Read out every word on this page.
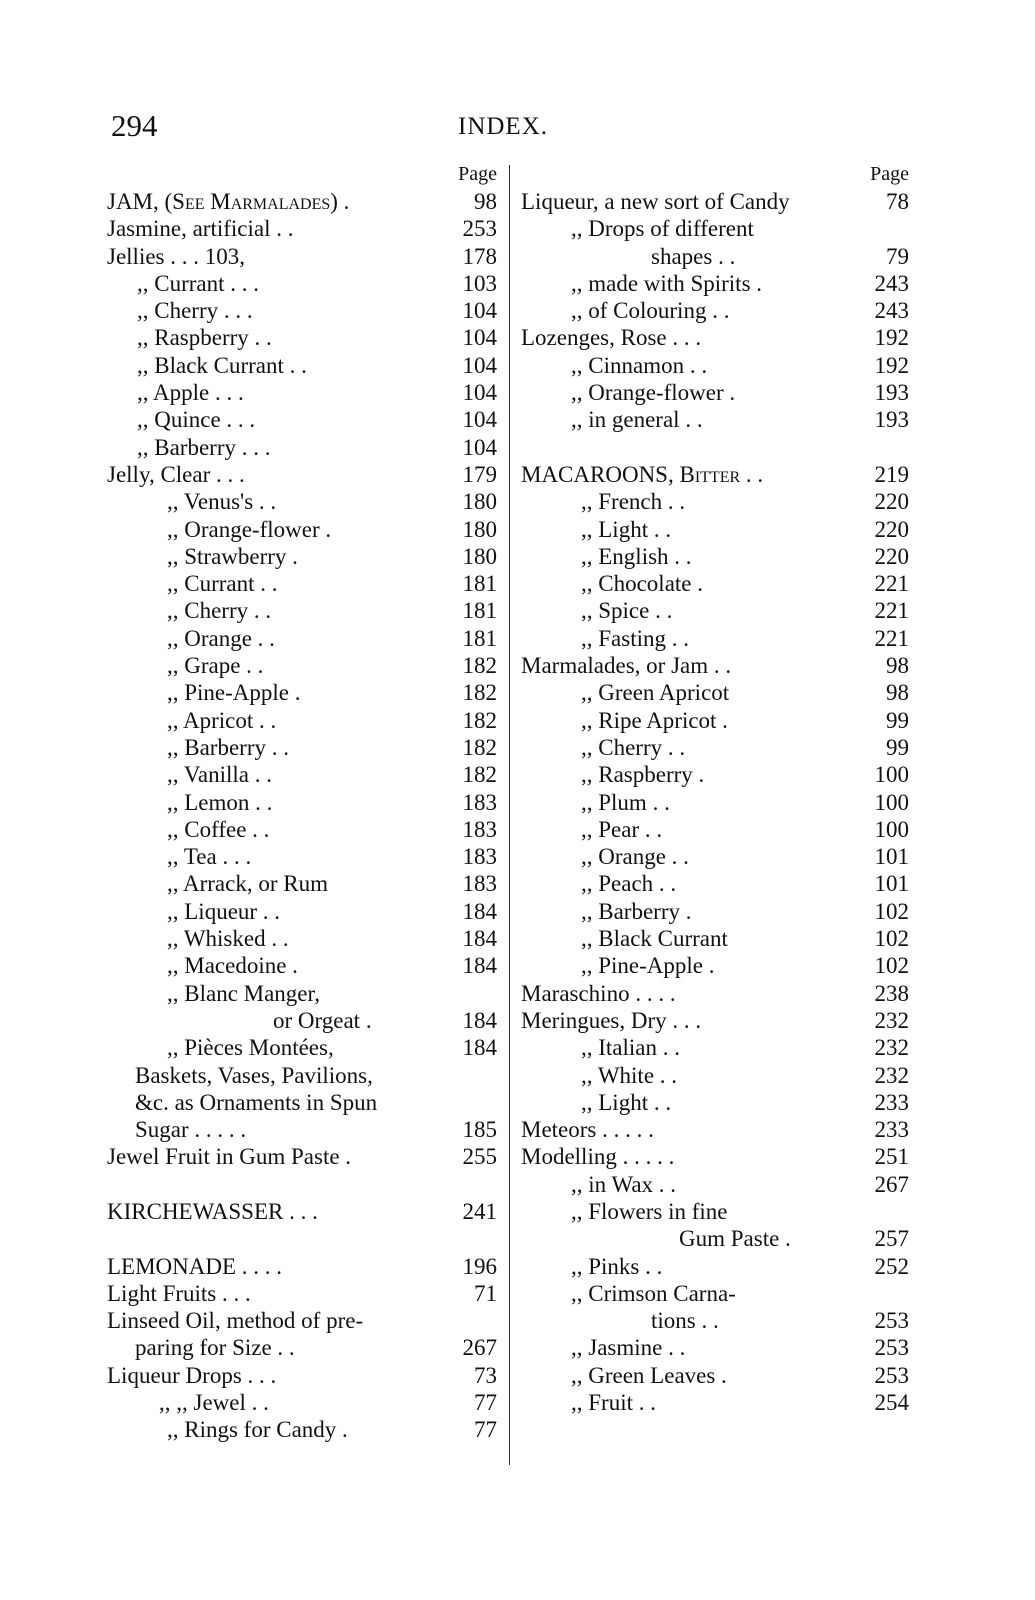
294	INDEX.
Page
JAM, (See Marmalades) .	98
Jasmine, artificial . .	253
Jellies . . . 103,	178
,, Currant . . .	103
,, Cherry . . .	104
,, Raspberry . .	104
,, Black Currant . .	104
,, Apple . . .	104
,, Quince . . .	104
,, Barberry . . .	104
Jelly, Clear . . .	179
,, Venus's . .	180
,, Orange-flower .	180
,, Strawberry .	180
,, Currant . .	181
,, Cherry . .	181
,, Orange . .	181
,, Grape . .	182
,, Pine-Apple .	182
,, Apricot . .	182
,, Barberry . .	182
,, Vanilla . .	182
,, Lemon . .	183
,, Coffee . .	183
,, Tea . . .	183
,, Arrack, or Rum	183
,, Liqueur . .	184
,, Whisked . .	184
,, Macedoine .	184
,, Blanc Manger,
or Orgeat .	184
,, Pièces Montées,	184
Baskets, Vases, Pavilions,
&c. as Ornaments in Spun
Sugar . . . . .	185
Jewel Fruit in Gum Paste .	255
KIRCHEWASSER . . .	241
LEMONADE . . . .	196
Light Fruits . . .	71
Linseed Oil, method of pre-
paring for Size . .	267
Liqueur Drops . . .	73
,, ,, Jewel . .	77
,, Rings for Candy .	77
Page
Liqueur, a new sort of Candy	78
,, Drops of different
shapes . .	79
,, made with Spirits .	243
,, of Colouring . .	243
Lozenges, Rose . . .	192
,, Cinnamon . .	192
,, Orange-flower .	193
,, in general . .	193
MACAROONS, Bitter . .	219
,, French . .	220
,, Light . .	220
,, English . .	220
,, Chocolate .	221
,, Spice . .	221
,, Fasting . .	221
Marmalades, or Jam . .	98
,, Green Apricot	98
,, Ripe Apricot .	99
,, Cherry . .	99
,, Raspberry .	100
,, Plum . .	100
,, Pear . .	100
,, Orange . .	101
,, Peach . .	101
,, Barberry .	102
,, Black Currant	102
,, Pine-Apple .	102
Maraschino . . . .	238
Meringues, Dry . . .	232
,, Italian . .	232
,, White . .	232
,, Light . .	233
Meteors . . . . .	233
Modelling . . . . .	251
,, in Wax . .	267
,, Flowers in fine
Gum Paste .	257
,, Pinks . .	252
,, Crimson Carna-
tions . .	253
,, Jasmine . .	253
,, Green Leaves .	253
,, Fruit . .	254
